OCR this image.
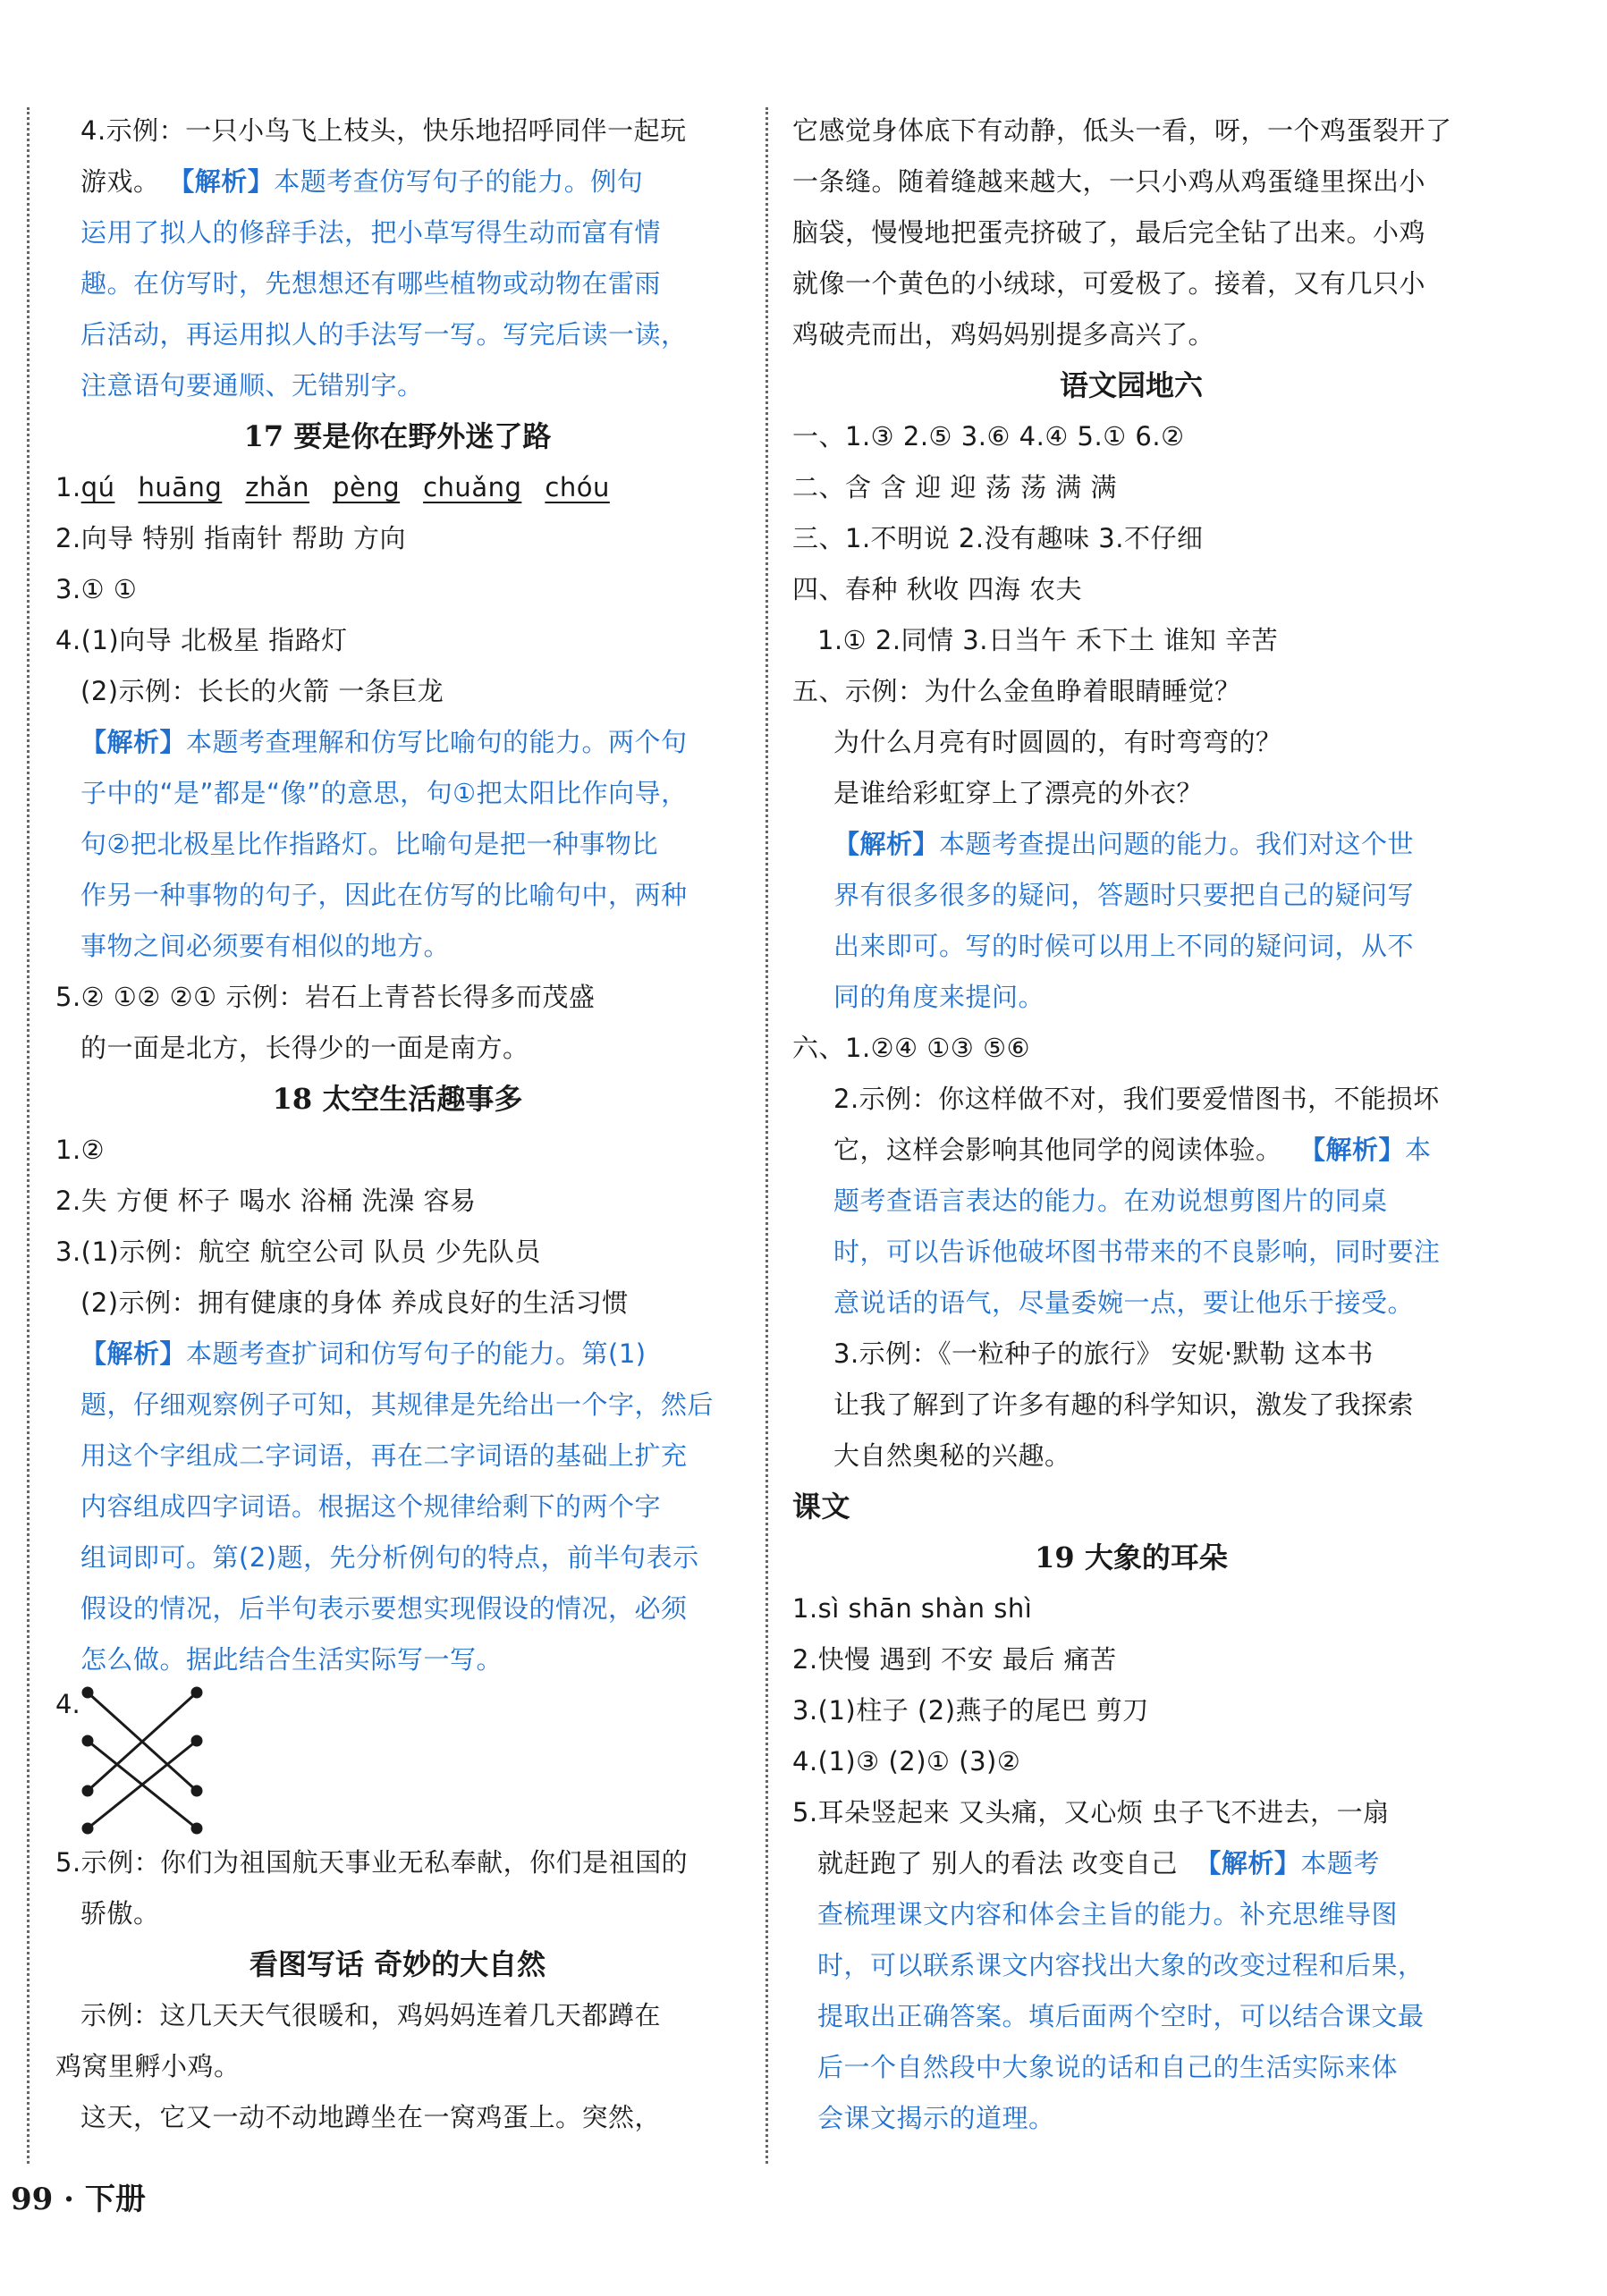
4.示例：一只小鸟飞上枝头，快乐地招呼同伴一起玩
游戏。 【解析】本题考查仿写句子的能力。例句
运用了拟人的修辞手法，把小草写得生动而富有情
趣。在仿写时，先想想还有哪些植物或动物在雷雨
后活动，再运用拟人的手法写一写。写完后读一读，
注意语句要通顺、无错别字。
17 要是你在野外迷了路
1.qú huāng zhǎn pèng chuǎng chóu
2.向导 特别 指南针 帮助 方向
3.① ①
4.(1)向导 北极星 指路灯
(2)示例：长长的火箭 一条巨龙
【解析】本题考查理解和仿写比喻句的能力。两个句
子中的“是”都是“像”的意思，句①把太阳比作向导，
句②把北极星比作指路灯。比喻句是把一种事物比
作另一种事物的句子，因此在仿写的比喻句中，两种
事物之间必须要有相似的地方。
5.② ①② ②① 示例：岩石上青苔长得多而茂盛
的一面是北方，长得少的一面是南方。
18 太空生活趣事多
1.②
2.失 方便 杯子 喝水 浴桶 洗澡 容易
3.(1)示例：航空 航空公司 队员 少先队员
(2)示例：拥有健康的身体 养成良好的生活习惯
【解析】本题考查扩词和仿写句子的能力。第(1)
题，仔细观察例子可知，其规律是先给出一个字，然后
用这个字组成二字词语，再在二字词语的基础上扩充
内容组成四字词语。根据这个规律给剩下的两个字
组词即可。第(2)题，先分析例句的特点，前半句表示
假设的情况，后半句表示要想实现假设的情况，必须
怎么做。据此结合生活实际写一写。
4.
5.示例：你们为祖国航天事业无私奉献，你们是祖国的
骄傲。
看图写话 奇妙的大自然
示例：这几天天气很暖和，鸡妈妈连着几天都蹲在
鸡窝里孵小鸡。
这天，它又一动不动地蹲坐在一窝鸡蛋上。突然，
它感觉身体底下有动静，低头一看，呀，一个鸡蛋裂开了
一条缝。随着缝越来越大，一只小鸡从鸡蛋缝里探出小
脑袋，慢慢地把蛋壳挤破了，最后完全钻了出来。小鸡
就像一个黄色的小绒球，可爱极了。接着，又有几只小
鸡破壳而出，鸡妈妈别提多高兴了。
语文园地六
一、1.③ 2.⑤ 3.⑥ 4.④ 5.① 6.②
二、含 含 迎 迎 荡 荡 满 满
三、1.不明说 2.没有趣味 3.不仔细
四、春种 秋收 四海 农夫
1.① 2.同情 3.日当午 禾下土 谁知 辛苦
五、示例：为什么金鱼睁着眼睛睡觉？
为什么月亮有时圆圆的，有时弯弯的？
是谁给彩虹穿上了漂亮的外衣？
【解析】本题考查提出问题的能力。我们对这个世
界有很多很多的疑问，答题时只要把自己的疑问写
出来即可。写的时候可以用上不同的疑问词，从不
同的角度来提问。
六、1.②④ ①③ ⑤⑥
2.示例：你这样做不对，我们要爱惜图书，不能损坏
它，这样会影响其他同学的阅读体验。 【解析】本
题考查语言表达的能力。在劝说想剪图片的同桌
时，可以告诉他破坏图书带来的不良影响，同时要注
意说话的语气，尽量委婉一点，要让他乐于接受。
3.示例：《一粒种子的旅行》 安妮·默勒 这本书
让我了解到了许多有趣的科学知识，激发了我探索
大自然奥秘的兴趣。
课文
19 大象的耳朵
1.sì shān shàn shì
2.快慢 遇到 不安 最后 痛苦
3.(1)柱子 (2)燕子的尾巴 剪刀
4.(1)③ (2)① (3)②
5.耳朵竖起来 又头痛，又心烦 虫子飞不进去，一扇
就赶跑了 别人的看法 改变自己 【解析】本题考
查梳理课文内容和体会主旨的能力。补充思维导图
时，可以联系课文内容找出大象的改变过程和后果，
提取出正确答案。填后面两个空时，可以结合课文最
后一个自然段中大象说的话和自己的生活实际来体
会课文揭示的道理。
99 · 下册
